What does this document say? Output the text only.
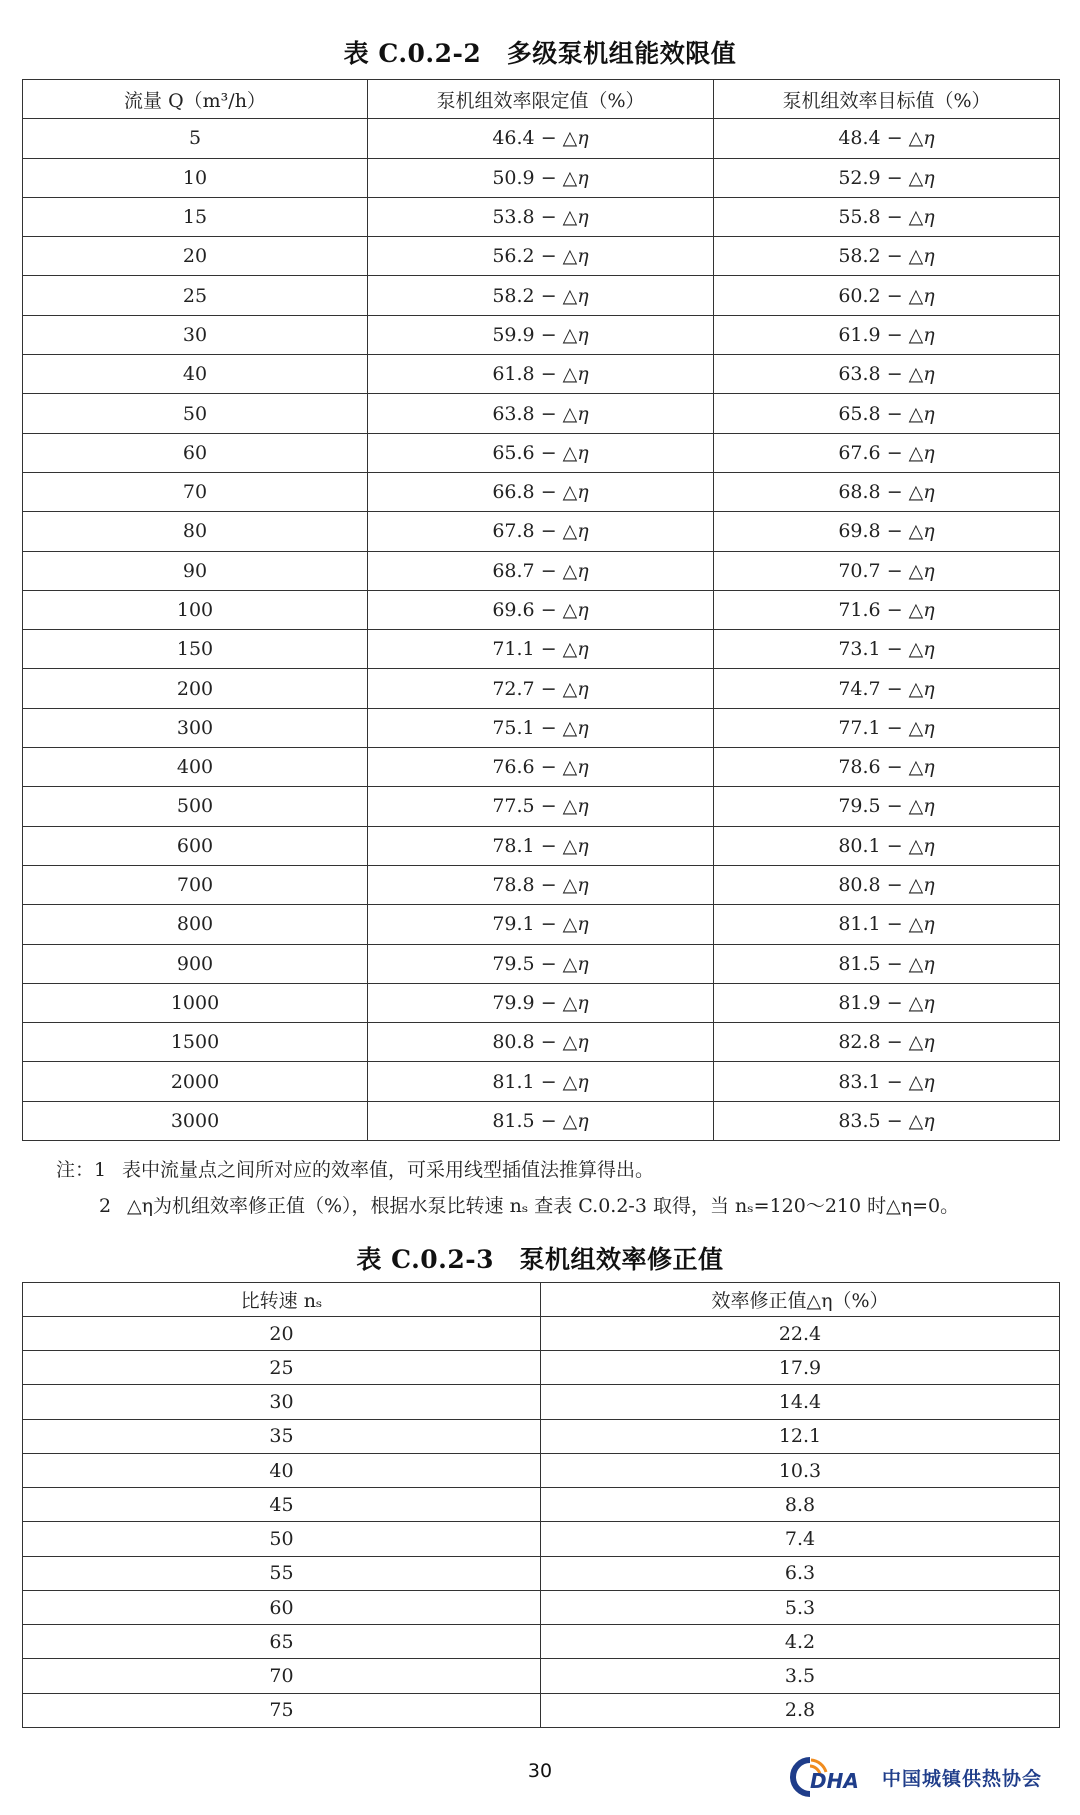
表 C.0.2-2　多级泵机组能效限值
流量 Q（m³/h）	泵机组效率限定值（%）	泵机组效率目标值（%）
5	46.4 − △η	48.4 − △η
10	50.9 − △η	52.9 − △η
15	53.8 − △η	55.8 − △η
20	56.2 − △η	58.2 − △η
25	58.2 − △η	60.2 − △η
30	59.9 − △η	61.9 − △η
40	61.8 − △η	63.8 − △η
50	63.8 − △η	65.8 − △η
60	65.6 − △η	67.6 − △η
70	66.8 − △η	68.8 − △η
80	67.8 − △η	69.8 − △η
90	68.7 − △η	70.7 − △η
100	69.6 − △η	71.6 − △η
150	71.1 − △η	73.1 − △η
200	72.7 − △η	74.7 − △η
300	75.1 − △η	77.1 − △η
400	76.6 − △η	78.6 − △η
500	77.5 − △η	79.5 − △η
600	78.1 − △η	80.1 − △η
700	78.8 − △η	80.8 − △η
800	79.1 − △η	81.1 − △η
900	79.5 − △η	81.5 − △η
1000	79.9 − △η	81.9 − △η
1500	80.8 − △η	82.8 − △η
2000	81.1 − △η	83.1 − △η
3000	81.5 − △η	83.5 − △η
注：1 表中流量点之间所对应的效率值，可采用线型插值法推算得出。
2 △η为机组效率修正值（%），根据水泵比转速 nₛ 查表 C.0.2-3 取得，当 nₛ=120～210 时△η=0。
表 C.0.2-3　泵机组效率修正值
比转速 nₛ	效率修正值△η（%）
20	22.4
25	17.9
30	14.4
35	12.1
40	10.3
45	8.8
50	7.4
55	6.3
60	5.3
65	4.2
70	3.5
75	2.8
30	DHA 中国城镇供热协会
